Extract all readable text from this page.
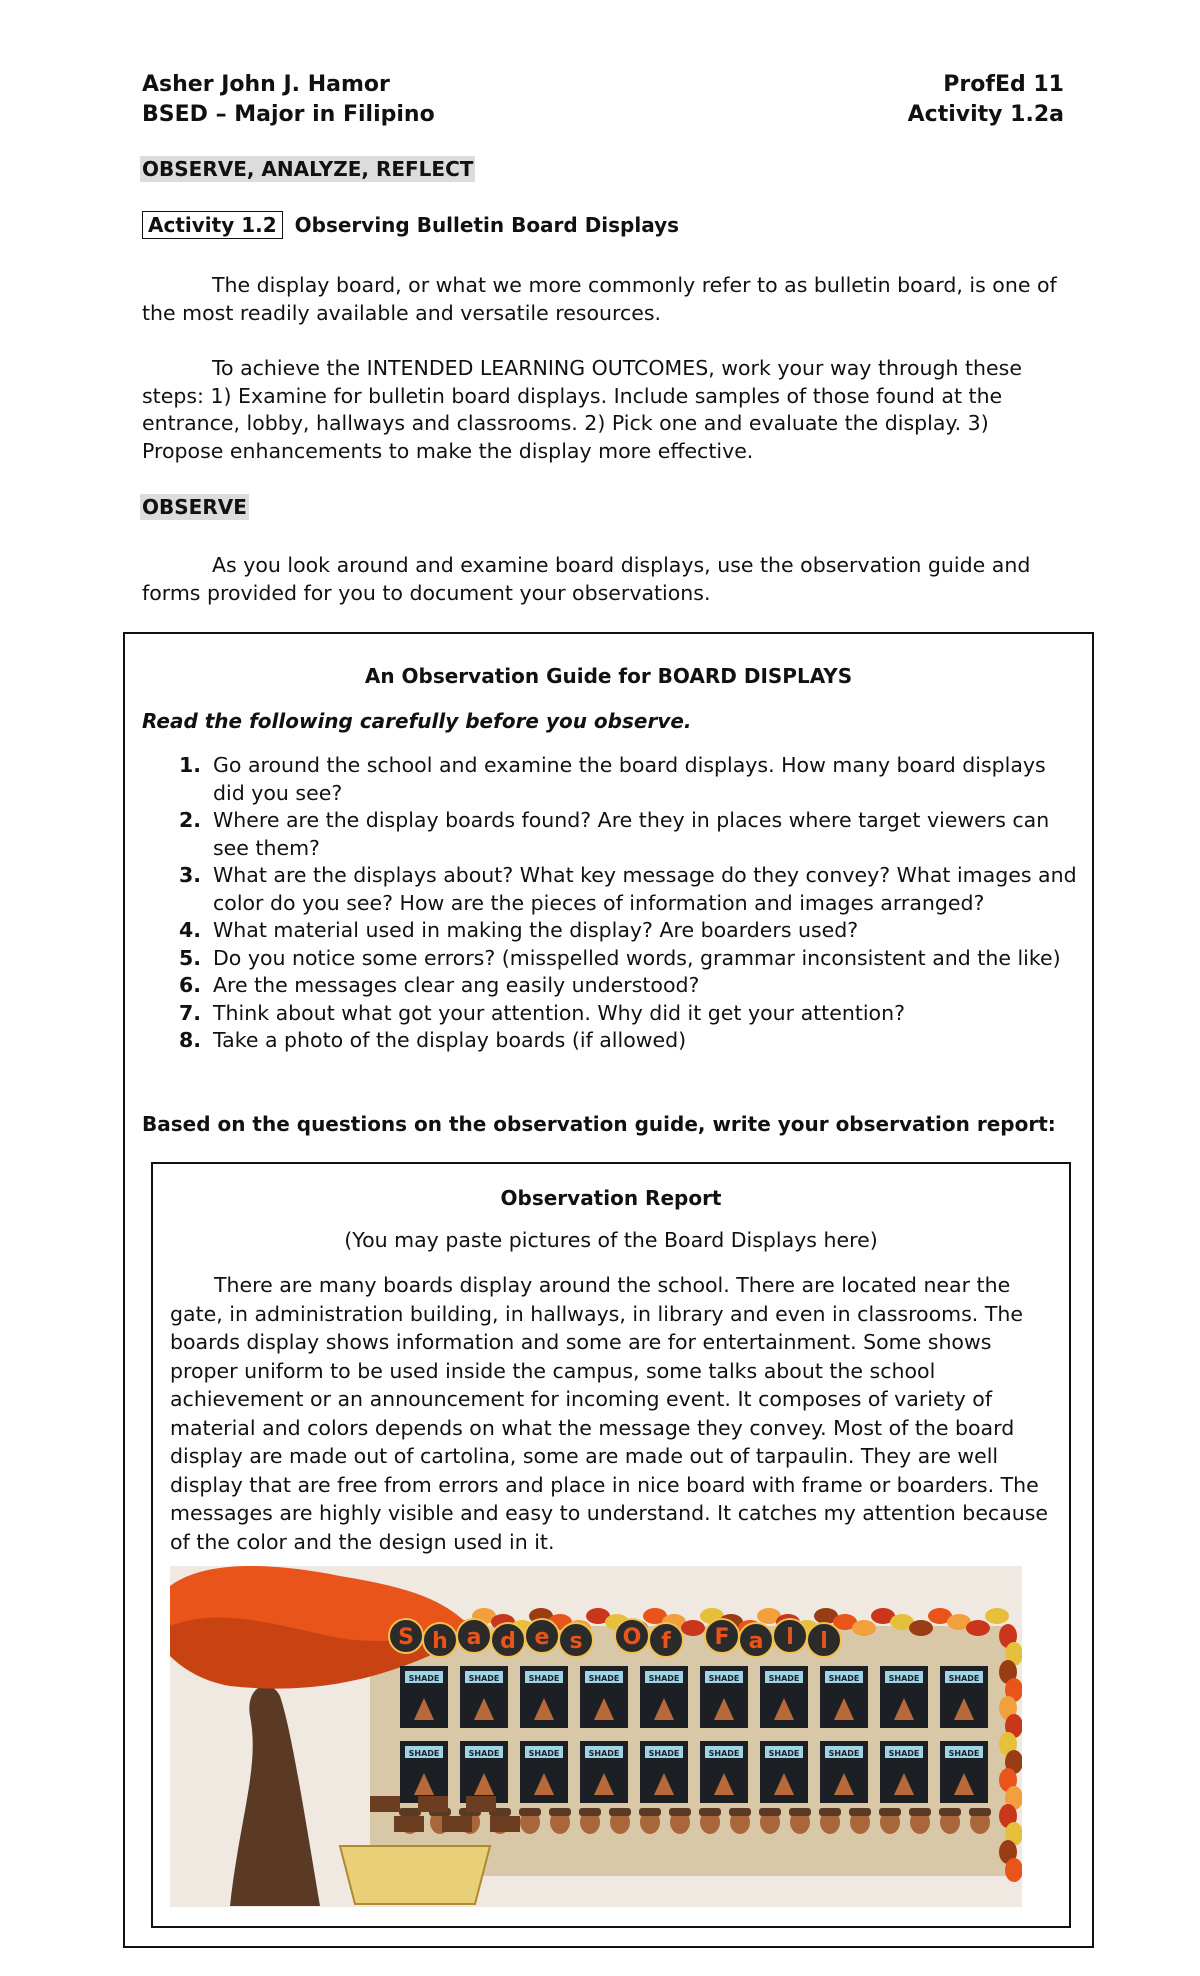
Asher John J. Hamor
BSED – Major in Filipino
ProfEd 11
Activity 1.2a
OBSERVE, ANALYZE, REFLECT
Activity 1.2 Observing Bulletin Board Displays
The display board, or what we more commonly refer to as bulletin board, is one of the most readily available and versatile resources.
To achieve the INTENDED LEARNING OUTCOMES, work your way through these steps: 1) Examine for bulletin board displays. Include samples of those found at the entrance, lobby, hallways and classrooms. 2) Pick one and evaluate the display. 3) Propose enhancements to make the display more effective.
OBSERVE
As you look around and examine board displays, use the observation guide and forms provided for you to document your observations.
An Observation Guide for BOARD DISPLAYS
Read the following carefully before you observe.
1. Go around the school and examine the board displays. How many board displays did you see?
2. Where are the display boards found? Are they in places where target viewers can see them?
3. What are the displays about? What key message do they convey? What images and color do you see? How are the pieces of information and images arranged?
4. What material used in making the display? Are boarders used?
5. Do you notice some errors? (misspelled words, grammar inconsistent and the like)
6. Are the messages clear ang easily understood?
7. Think about what got your attention. Why did it get your attention?
8. Take a photo of the display boards (if allowed)
Based on the questions on the observation guide, write your observation report:
Observation Report
(You may paste pictures of the Board Displays here)
There are many boards display around the school. There are located near the gate, in administration building, in hallways, in library and even in classrooms. The boards display shows information and some are for entertainment. Some shows proper uniform to be used inside the campus, some talks about the school achievement or an announcement for incoming event. It composes of variety of material and colors depends on what the message they convey. Most of the board display are made out of cartolina, some are made out of tarpaulin. They are well display that are free from errors and place in nice board with frame or boarders. The messages are highly visible and easy to understand. It catches my attention because of the color and the design used in it.
S h a d e s O f F a l l
SHADE	SHADE	SHADE	SHADE	SHADE	SHADE	SHADE	SHADE	SHADE	SHADE
SHADE	SHADE	SHADE	SHADE	SHADE	SHADE	SHADE	SHADE	SHADE	SHADE
